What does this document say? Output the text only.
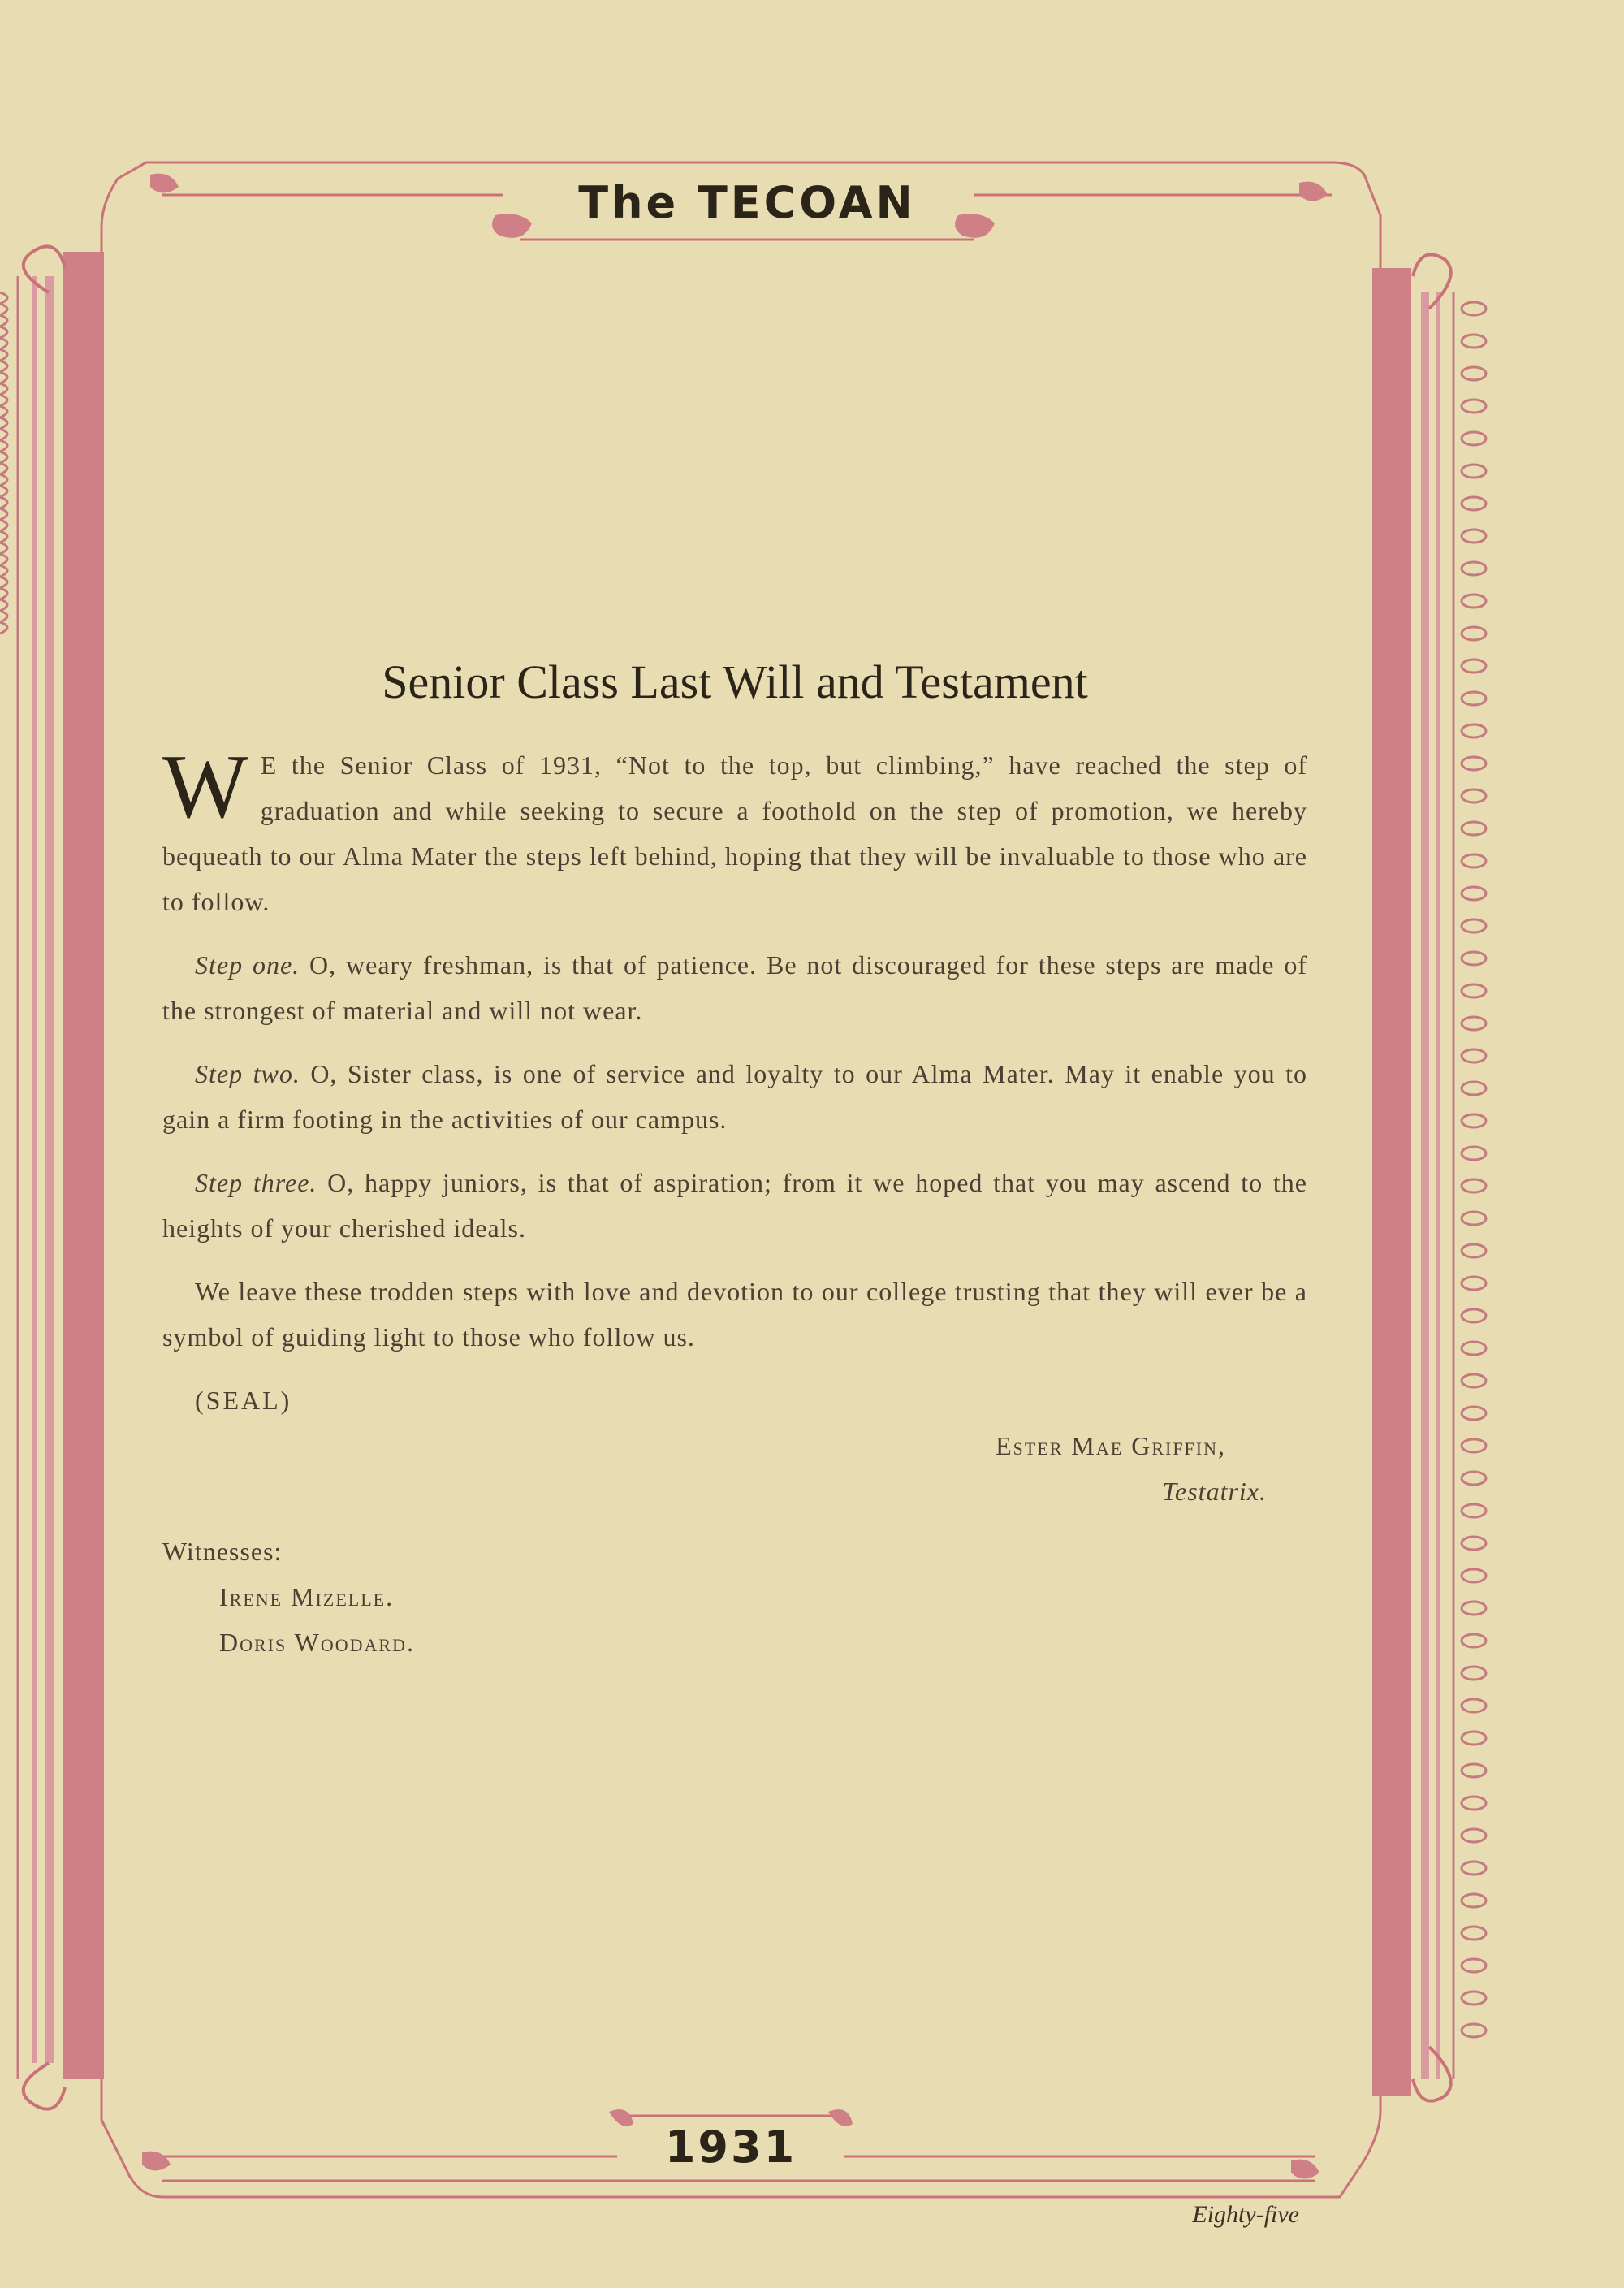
The TECOAN
Senior Class Last Will and Testament

W E the Senior Class of 1931, “Not to the top, but climbing,” have reached the step of graduation and while seeking to secure a foothold on the step of promotion, we hereby bequeath to our Alma Mater the steps left behind, hoping that they will be invaluable to those who are to follow.

Step one. O, weary freshman, is that of patience. Be not discouraged for these steps are made of the strongest of material and will not wear.

Step two. O, Sister class, is one of service and loyalty to our Alma Mater. May it enable you to gain a firm footing in the activities of our campus.

Step three. O, happy juniors, is that of aspiration; from it we hoped that you may ascend to the heights of your cherished ideals.

We leave these trodden steps with love and devotion to our college trusting that they will ever be a symbol of guiding light to those who follow us.

(SEAL)
Ester Mae Griffin,
Testatrix.
Witnesses:
Irene Mizelle.
Doris Woodard.
1931
Eighty-five
